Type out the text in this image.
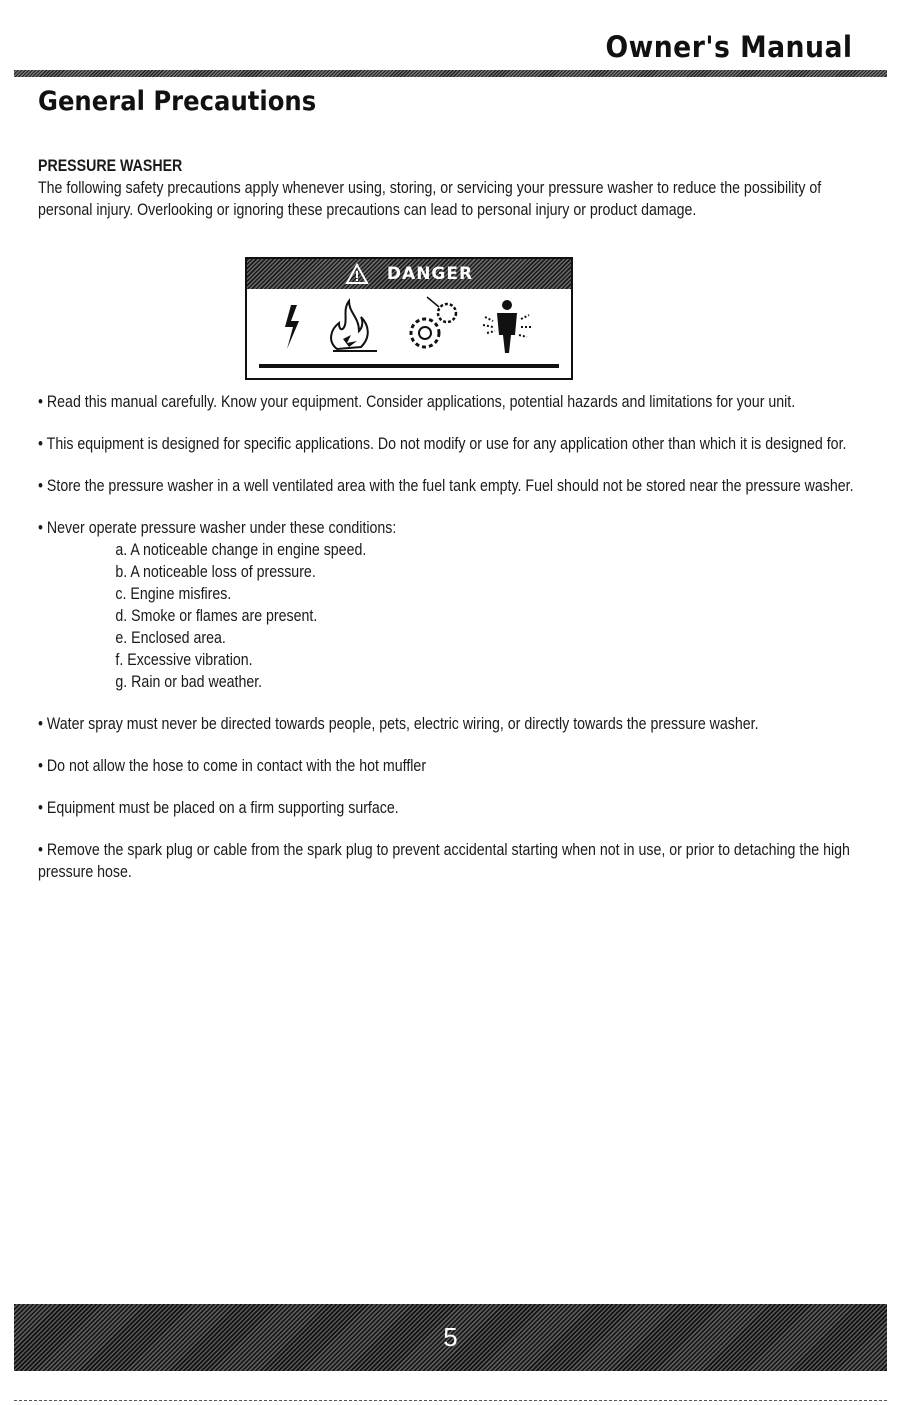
Owner's Manual
General Precautions
PRESSURE WASHER

The following safety precautions apply whenever using, storing, or servicing your pressure washer to reduce the possibility of personal injury. Overlooking or ignoring these precautions can lead to personal injury or product damage.

• Read this manual carefully. Know your equipment. Consider applications, potential hazards and limitations for your unit.

• This equipment is designed for specific applications. Do not modify or use for any application other than which it is designed for.

• Store the pressure washer in a well ventilated area with the fuel tank empty. Fuel should not be stored near the pressure washer.

• Never operate pressure washer under these conditions:

a. A noticeable change in engine speed.
b. A noticeable loss of pressure.
c. Engine misfires.
d. Smoke or flames are present.
e. Enclosed area.
f. Excessive vibration.
g. Rain or bad weather.

• Water spray must never be directed towards people, pets, electric wiring, or directly towards the pressure washer.

• Do not allow the hose to come in contact with the hot muffler

• Equipment must be placed on a firm supporting surface.

• Remove the spark plug or cable from the spark plug to prevent accidental starting when not in use, or prior to detaching the high pressure hose.

DANGER
5
